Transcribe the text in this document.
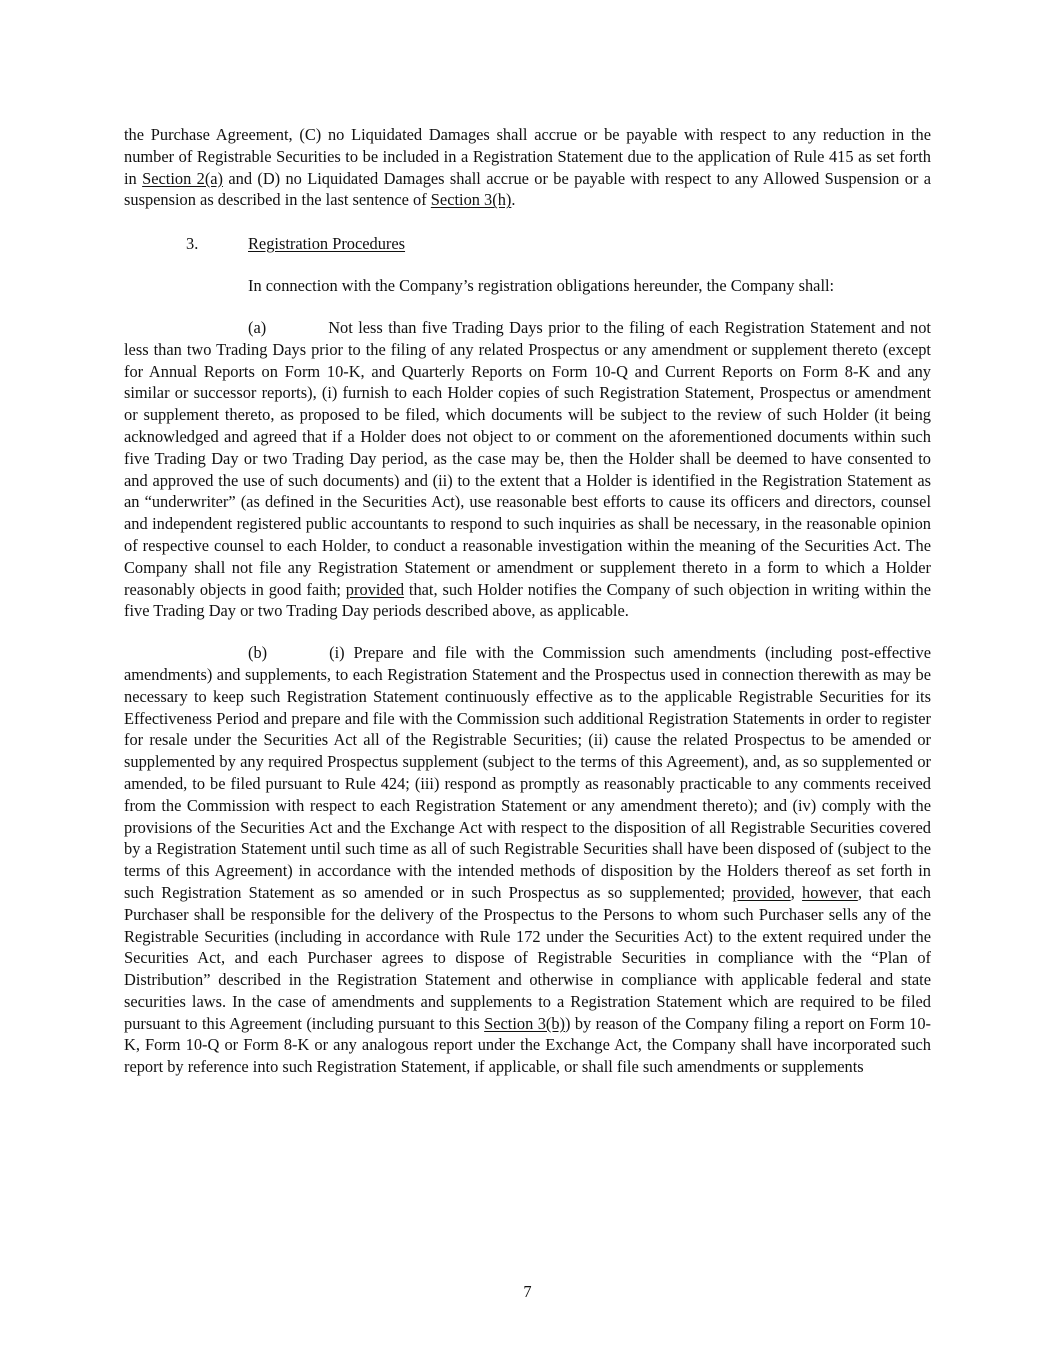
the Purchase Agreement, (C) no Liquidated Damages shall accrue or be payable with respect to any reduction in the number of Registrable Securities to be included in a Registration Statement due to the application of Rule 415 as set forth in Section 2(a) and (D) no Liquidated Damages shall accrue or be payable with respect to any Allowed Suspension or a suspension as described in the last sentence of Section 3(h).

3.	Registration Procedures

In connection with the Company’s registration obligations hereunder, the Company shall:

(a)	Not less than five Trading Days prior to the filing of each Registration Statement and not less than two Trading Days prior to the filing of any related Prospectus or any amendment or supplement thereto (except for Annual Reports on Form 10-K, and Quarterly Reports on Form 10-Q and Current Reports on Form 8-K and any similar or successor reports), (i) furnish to each Holder copies of such Registration Statement, Prospectus or amendment or supplement thereto, as proposed to be filed, which documents will be subject to the review of such Holder (it being acknowledged and agreed that if a Holder does not object to or comment on the aforementioned documents within such five Trading Day or two Trading Day period, as the case may be, then the Holder shall be deemed to have consented to and approved the use of such documents) and (ii) to the extent that a Holder is identified in the Registration Statement as an “underwriter” (as defined in the Securities Act), use reasonable best efforts to cause its officers and directors, counsel and independent registered public accountants to respond to such inquiries as shall be necessary, in the reasonable opinion of respective counsel to each Holder, to conduct a reasonable investigation within the meaning of the Securities Act. The Company shall not file any Registration Statement or amendment or supplement thereto in a form to which a Holder reasonably objects in good faith; provided that, such Holder notifies the Company of such objection in writing within the five Trading Day or two Trading Day periods described above, as applicable.

(b)	(i) Prepare and file with the Commission such amendments (including post-effective amendments) and supplements, to each Registration Statement and the Prospectus used in connection therewith as may be necessary to keep such Registration Statement continuously effective as to the applicable Registrable Securities for its Effectiveness Period and prepare and file with the Commission such additional Registration Statements in order to register for resale under the Securities Act all of the Registrable Securities; (ii) cause the related Prospectus to be amended or supplemented by any required Prospectus supplement (subject to the terms of this Agreement), and, as so supplemented or amended, to be filed pursuant to Rule 424; (iii) respond as promptly as reasonably practicable to any comments received from the Commission with respect to each Registration Statement or any amendment thereto); and (iv) comply with the provisions of the Securities Act and the Exchange Act with respect to the disposition of all Registrable Securities covered by a Registration Statement until such time as all of such Registrable Securities shall have been disposed of (subject to the terms of this Agreement) in accordance with the intended methods of disposition by the Holders thereof as set forth in such Registration Statement as so amended or in such Prospectus as so supplemented; provided, however, that each Purchaser shall be responsible for the delivery of the Prospectus to the Persons to whom such Purchaser sells any of the Registrable Securities (including in accordance with Rule 172 under the Securities Act) to the extent required under the Securities Act, and each Purchaser agrees to dispose of Registrable Securities in compliance with the “Plan of Distribution” described in the Registration Statement and otherwise in compliance with applicable federal and state securities laws. In the case of amendments and supplements to a Registration Statement which are required to be filed pursuant to this Agreement (including pursuant to this Section 3(b)) by reason of the Company filing a report on Form 10-K, Form 10-Q or Form 8-K or any analogous report under the Exchange Act, the Company shall have incorporated such report by reference into such Registration Statement, if applicable, or shall file such amendments or supplements

7
